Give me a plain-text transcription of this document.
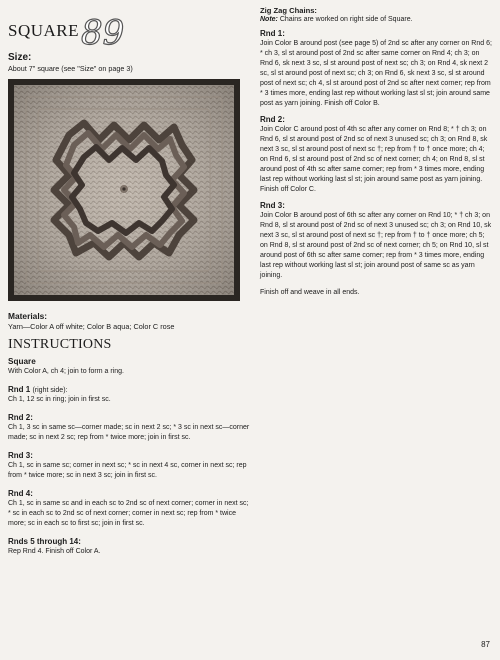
SQUARE 89
Size:
About 7" square (see "Size" on page 3)
Materials:
Yarn—Color A off white; Color B aqua; Color C rose
INSTRUCTIONS
Square
With Color A, ch 4; join to form a ring.
Rnd 1 (right side):
Ch 1, 12 sc in ring; join in first sc.
Rnd 2:
Ch 1, 3 sc in same sc—corner made; sc in next 2 sc; * 3 sc in next sc—corner made; sc in next 2 sc; rep from * twice more; join in first sc.
Rnd 3:
Ch 1, sc in same sc; corner in next sc; * sc in next 4 sc, corner in next sc; rep from * twice more; sc in next 3 sc; join in first sc.
Rnd 4:
Ch 1, sc in same sc and in each sc to 2nd sc of next corner; corner in next sc; * sc in each sc to 2nd sc of next corner; corner in next sc; rep from * twice more; sc in each sc to first sc; join in first sc.
Rnds 5 through 14:
Rep Rnd 4. Finish off Color A.
Zig Zag Chains:
Note: Chains are worked on right side of Square.
Rnd 1:
Join Color B around post (see page 5) of 2nd sc after any corner on Rnd 6; * ch 3, sl st around post of 2nd sc after same corner on Rnd 4; ch 3; on Rnd 6, sk next 3 sc, sl st around post of next sc; ch 3; on Rnd 4, sk next 2 sc, sl st around post of next sc; ch 3; on Rnd 6, sk next 3 sc, sl st around post of next sc; ch 4, sl st around post of 2nd sc after next corner; rep from * 3 times more, ending last rep without working last sl st; join around same post as yarn joining. Finish off Color B.
Rnd 2:
Join Color C around post of 4th sc after any corner on Rnd 8; * † ch 3; on Rnd 6, sl st around post of 2nd sc of next 3 unused sc; ch 3; on Rnd 8, sk next 3 sc, sl st around post of next sc †; rep from † to † once more; ch 4; on Rnd 6, sl st around post of 2nd sc of next corner; ch 4; on Rnd 8, sl st around post of 4th sc after same corner; rep from * 3 times more, ending last rep without working last sl st; join around same post as yarn joining. Finish off Color C.
Rnd 3:
Join Color B around post of 6th sc after any corner on Rnd 10; * † ch 3; on Rnd 8, sl st around post of 2nd sc of next 3 unused sc; ch 3; on Rnd 10, sk next 3 sc, sl st around post of next sc †; rep from † to † once more; ch 5; on Rnd 8, sl st around post of 2nd sc of next corner; ch 5; on Rnd 10, sl st around post of 6th sc after same corner; rep from * 3 times more, ending last rep without working last sl st; join around post of same sc as yarn joining.
Finish off and weave in all ends.
87
